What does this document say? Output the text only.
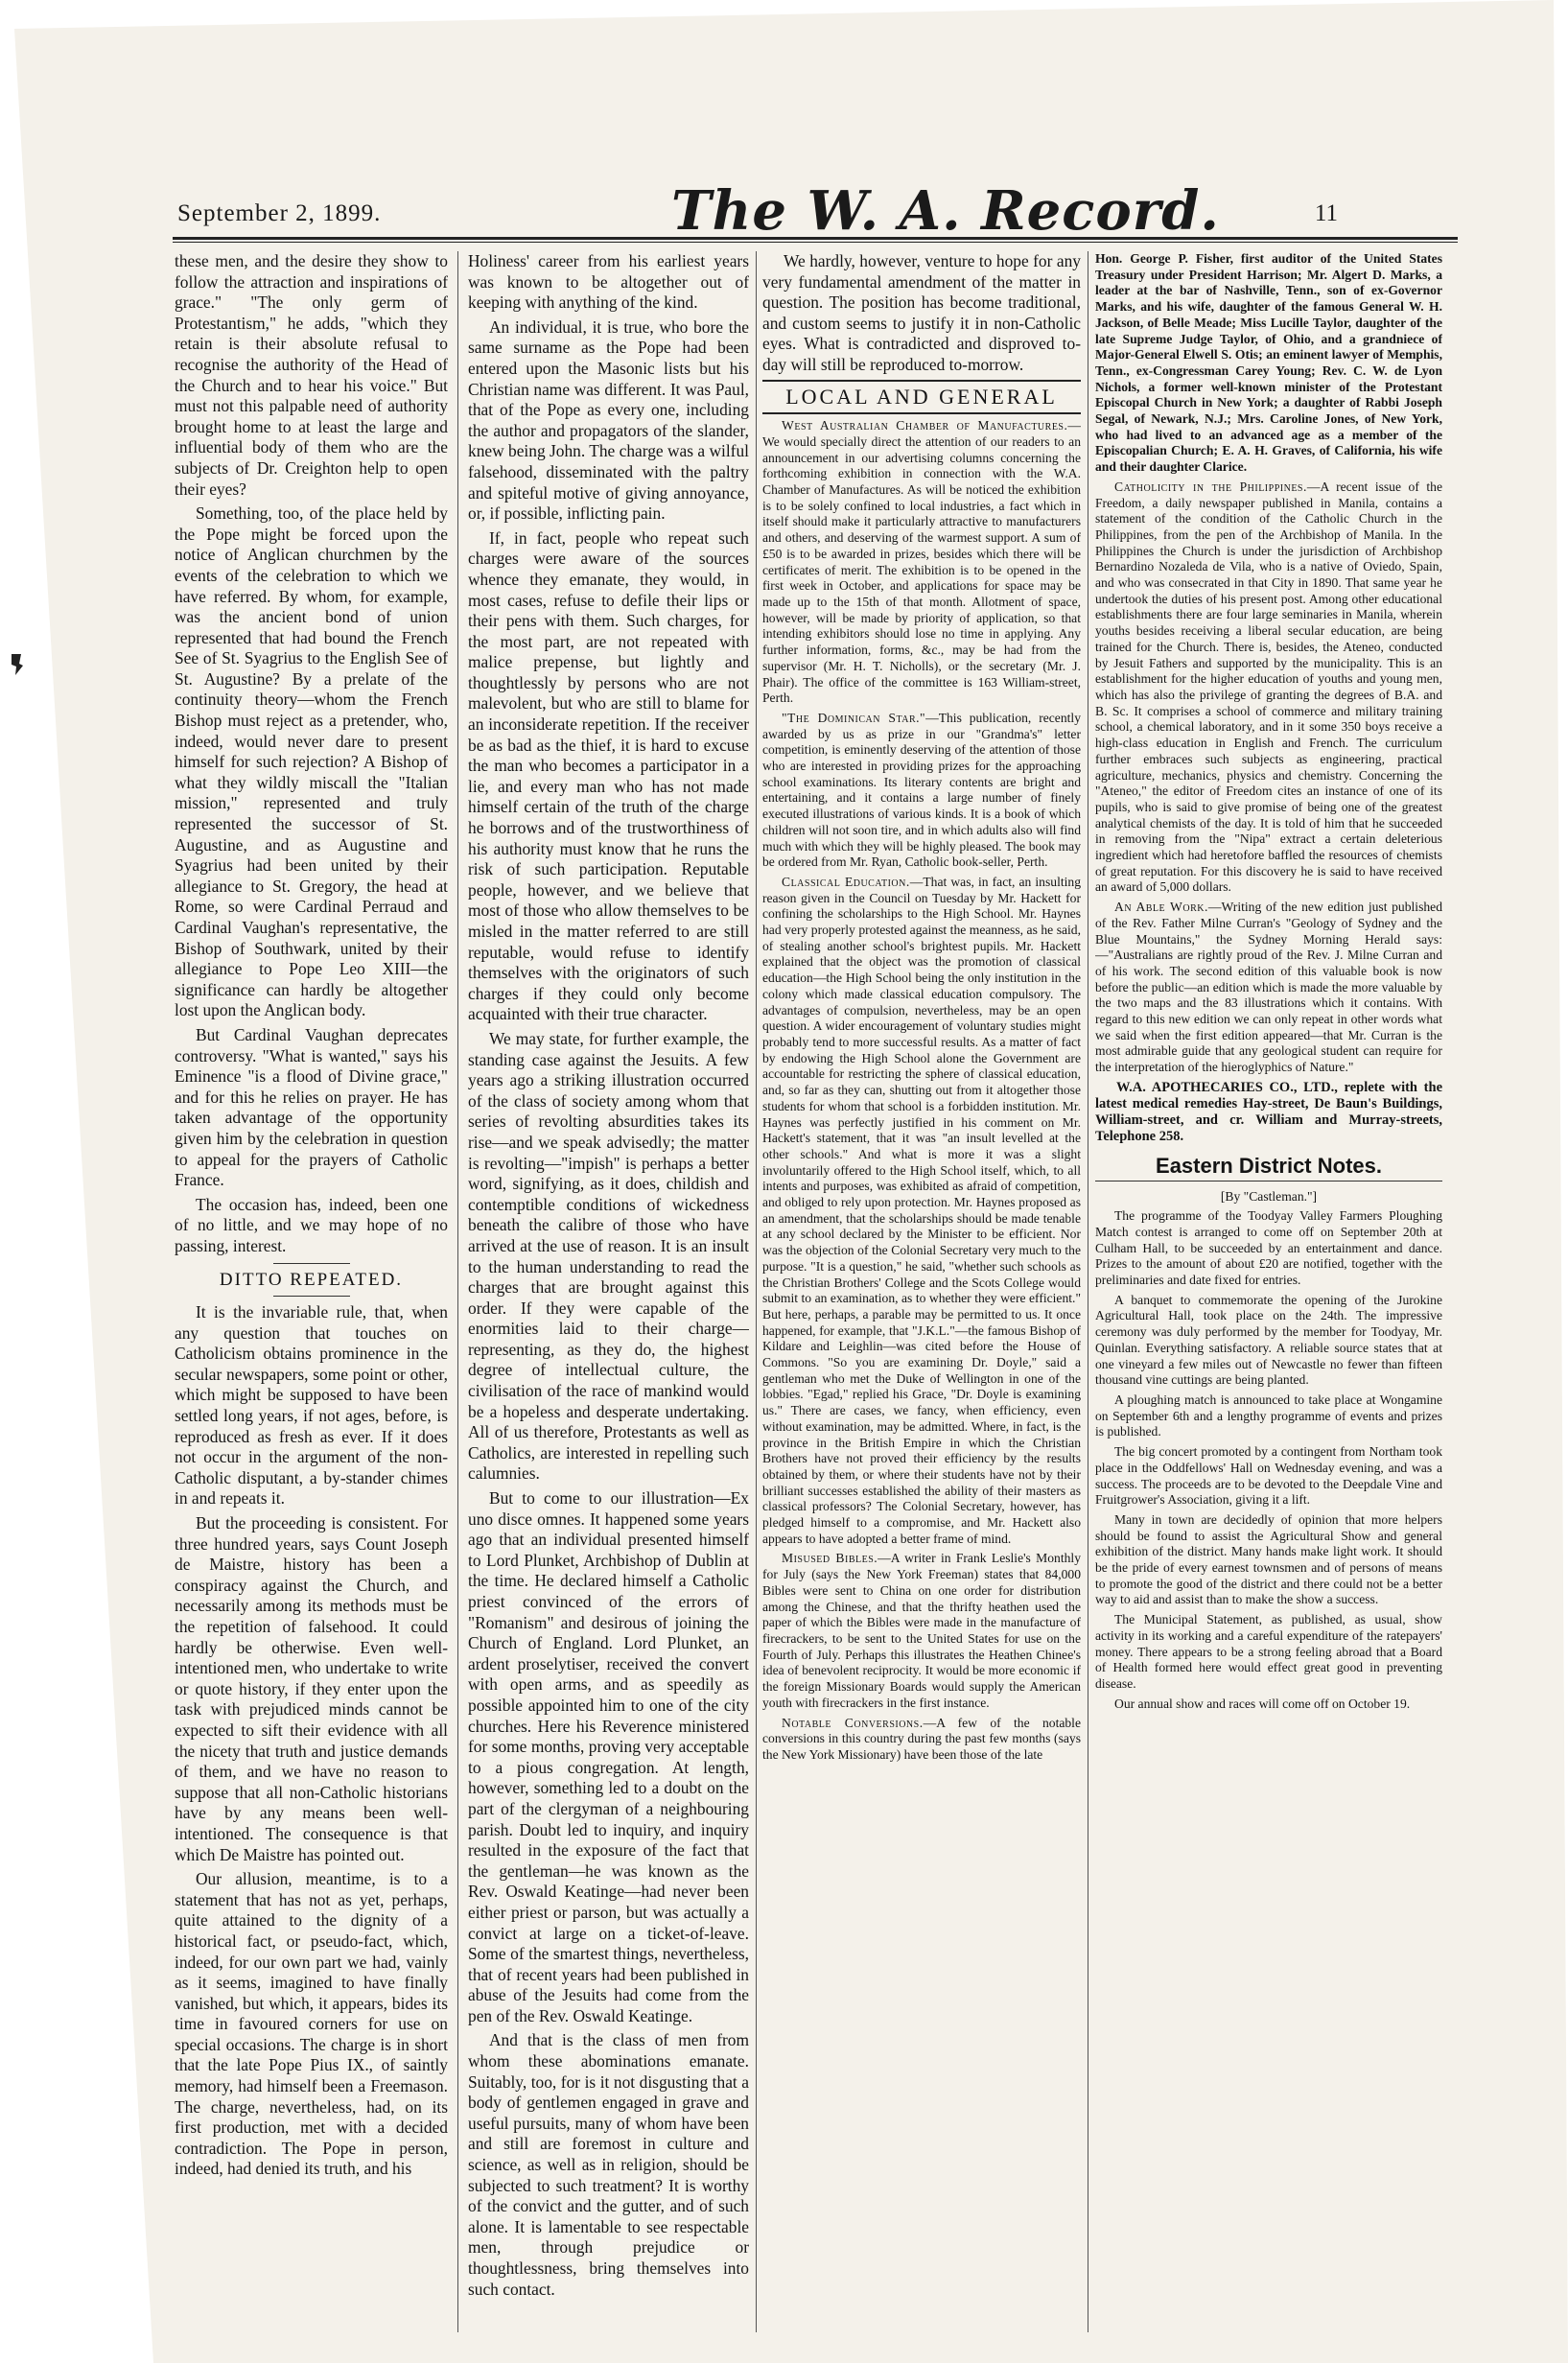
September 2, 1899.	The W. A. Record.	11

these men, and the desire they show to follow the attraction and inspirations of grace." "The only germ of Protestantism," he adds, "which they retain is their absolute refusal to recognise the authority of the Head of the Church and to hear his voice." But must not this palpable need of authority brought home to at least the large and influential body of them who are the subjects of Dr. Creighton help to open their eyes?

Something, too, of the place held by the Pope might be forced upon the notice of Anglican churchmen by the events of the celebration to which we have referred. By whom, for example, was the ancient bond of union represented that had bound the French See of St. Syagrius to the English See of St. Augustine? By a prelate of the continuity theory—whom the French Bishop must reject as a pretender, who, indeed, would never dare to present himself for such rejection? A Bishop of what they wildly miscall the "Italian mission," represented and truly represented the successor of St. Augustine, and as Augustine and Syagrius had been united by their allegiance to St. Gregory, the head at Rome, so were Cardinal Perraud and Cardinal Vaughan's representative, the Bishop of Southwark, united by their allegiance to Pope Leo XIII—the significance can hardly be altogether lost upon the Anglican body.

But Cardinal Vaughan deprecates controversy. "What is wanted," says his Eminence "is a flood of Divine grace," and for this he relies on prayer. He has taken advantage of the opportunity given him by the celebration in question to appeal for the prayers of Catholic France.

The occasion has, indeed, been one of no little, and we may hope of no passing, interest.

DITTO REPEATED.

It is the invariable rule, that, when any question that touches on Catholicism obtains prominence in the secular newspapers, some point or other, which might be supposed to have been settled long years, if not ages, before, is reproduced as fresh as ever. If it does not occur in the argument of the non-Catholic disputant, a by-stander chimes in and repeats it.

But the proceeding is consistent. For three hundred years, says Count Joseph de Maistre, history has been a conspiracy against the Church, and necessarily among its methods must be the repetition of falsehood. It could hardly be otherwise. Even well-intentioned men, who undertake to write or quote history, if they enter upon the task with prejudiced minds cannot be expected to sift their evidence with all the nicety that truth and justice demands of them, and we have no reason to suppose that all non-Catholic historians have by any means been well-intentioned. The consequence is that which De Maistre has pointed out.

Our allusion, meantime, is to a statement that has not as yet, perhaps, quite attained to the dignity of a historical fact, or pseudo-fact, which, indeed, for our own part we had, vainly as it seems, imagined to have finally vanished, but which, it appears, bides its time in favoured corners for use on special occasions. The charge is in short that the late Pope Pius IX., of saintly memory, had himself been a Freemason. The charge, nevertheless, had, on its first production, met with a decided contradiction. The Pope in person, indeed, had denied its truth, and his

Holiness' career from his earliest years was known to be altogether out of keeping with anything of the kind.

An individual, it is true, who bore the same surname as the Pope had been entered upon the Masonic lists but his Christian name was different. It was Paul, that of the Pope as every one, including the author and propagators of the slander, knew being John. The charge was a wilful falsehood, disseminated with the paltry and spiteful motive of giving annoyance, or, if possible, inflicting pain.

If, in fact, people who repeat such charges were aware of the sources whence they emanate, they would, in most cases, refuse to defile their lips or their pens with them. Such charges, for the most part, are not repeated with malice prepense, but lightly and thoughtlessly by persons who are not malevolent, but who are still to blame for an inconsiderate repetition. If the receiver be as bad as the thief, it is hard to excuse the man who becomes a participator in a lie, and every man who has not made himself certain of the truth of the charge he borrows and of the trustworthiness of his authority must know that he runs the risk of such participation. Reputable people, however, and we believe that most of those who allow themselves to be misled in the matter referred to are still reputable, would refuse to identify themselves with the originators of such charges if they could only become acquainted with their true character.

We may state, for further example, the standing case against the Jesuits. A few years ago a striking illustration occurred of the class of society among whom that series of revolting absurdities takes its rise—and we speak advisedly; the matter is revolting—"impish" is perhaps a better word, signifying, as it does, childish and contemptible conditions of wickedness beneath the calibre of those who have arrived at the use of reason. It is an insult to the human understanding to read the charges that are brought against this order. If they were capable of the enormities laid to their charge—representing, as they do, the highest degree of intellectual culture, the civilisation of the race of mankind would be a hopeless and desperate undertaking. All of us therefore, Protestants as well as Catholics, are interested in repelling such calumnies.

But to come to our illustration—Ex uno disce omnes. It happened some years ago that an individual presented himself to Lord Plunket, Archbishop of Dublin at the time. He declared himself a Catholic priest convinced of the errors of "Romanism" and desirous of joining the Church of England. Lord Plunket, an ardent proselytiser, received the convert with open arms, and as speedily as possible appointed him to one of the city churches. Here his Reverence ministered for some months, proving very acceptable to a pious congregation. At length, however, something led to a doubt on the part of the clergyman of a neighbouring parish. Doubt led to inquiry, and inquiry resulted in the exposure of the fact that the gentleman—he was known as the Rev. Oswald Keatinge—had never been either priest or parson, but was actually a convict at large on a ticket-of-leave. Some of the smartest things, nevertheless, that of recent years had been published in abuse of the Jesuits had come from the pen of the Rev. Oswald Keatinge.

And that is the class of men from whom these abominations emanate. Suitably, too, for is it not disgusting that a body of gentlemen engaged in grave and useful pursuits, many of whom have been and still are foremost in culture and science, as well as in religion, should be subjected to such treatment? It is worthy of the convict and the gutter, and of such alone. It is lamentable to see respectable men, through prejudice or thoughtlessness, bring themselves into such contact.

We hardly, however, venture to hope for any very fundamental amendment of the matter in question. The position has become traditional, and custom seems to justify it in non-Catholic eyes. What is contradicted and disproved to-day will still be reproduced to-morrow.

LOCAL AND GENERAL

West Australian Chamber of Manufactures.—We would specially direct the attention of our readers to an announcement in our advertising columns concerning the forthcoming exhibition in connection with the W.A. Chamber of Manufactures. As will be noticed the exhibition is to be solely confined to local industries, a fact which in itself should make it particularly attractive to manufacturers and others, and deserving of the warmest support. A sum of £50 is to be awarded in prizes, besides which there will be certificates of merit. The exhibition is to be opened in the first week in October, and applications for space may be made up to the 15th of that month. Allotment of space, however, will be made by priority of application, so that intending exhibitors should lose no time in applying. Any further information, forms, &c., may be had from the supervisor (Mr. H. T. Nicholls), or the secretary (Mr. J. Phair). The office of the committee is 163 William-street, Perth.

"The Dominican Star."—This publication, recently awarded by us as prize in our "Grandma's" letter competition, is eminently deserving of the attention of those who are interested in providing prizes for the approaching school examinations. Its literary contents are bright and entertaining, and it contains a large number of finely executed illustrations of various kinds. It is a book of which children will not soon tire, and in which adults also will find much with which they will be highly pleased. The book may be ordered from Mr. Ryan, Catholic book-seller, Perth.

Classical Education.—That was, in fact, an insulting reason given in the Council on Tuesday by Mr. Hackett for confining the scholarships to the High School. Mr. Haynes had very properly protested against the meanness, as he said, of stealing another school's brightest pupils. Mr. Hackett explained that the object was the promotion of classical education—the High School being the only institution in the colony which made classical education compulsory. The advantages of compulsion, nevertheless, may be an open question. A wider encouragement of voluntary studies might probably tend to more successful results. As a matter of fact by endowing the High School alone the Government are accountable for restricting the sphere of classical education, and, so far as they can, shutting out from it altogether those students for whom that school is a forbidden institution. Mr. Haynes was perfectly justified in his comment on Mr. Hackett's statement, that it was "an insult levelled at the other schools." And what is more it was a slight involuntarily offered to the High School itself, which, to all intents and purposes, was exhibited as afraid of competition, and obliged to rely upon protection. Mr. Haynes proposed as an amendment, that the scholarships should be made tenable at any school declared by the Minister to be efficient. Nor was the objection of the Colonial Secretary very much to the purpose. "It is a question," he said, "whether such schools as the Christian Brothers' College and the Scots College would submit to an examination, as to whether they were efficient." But here, perhaps, a parable may be permitted to us. It once happened, for example, that "J.K.L."—the famous Bishop of Kildare and Leighlin—was cited before the House of Commons. "So you are examining Dr. Doyle," said a gentleman who met the Duke of Wellington in one of the lobbies. "Egad," replied his Grace, "Dr. Doyle is examining us." There are cases, we fancy, when efficiency, even without examination, may be admitted. Where, in fact, is the province in the British Empire in which the Christian Brothers have not proved their efficiency by the results obtained by them, or where their students have not by their brilliant successes established the ability of their masters as classical professors? The Colonial Secretary, however, has pledged himself to a compromise, and Mr. Hackett also appears to have adopted a better frame of mind.

Misused Bibles.—A writer in Frank Leslie's Monthly for July (says the New York Freeman) states that 84,000 Bibles were sent to China on one order for distribution among the Chinese, and that the thrifty heathen used the paper of which the Bibles were made in the manufacture of firecrackers, to be sent to the United States for use on the Fourth of July. Perhaps this illustrates the Heathen Chinee's idea of benevolent reciprocity. It would be more economic if the foreign Missionary Boards would supply the American youth with firecrackers in the first instance.

Notable Conversions.—A few of the notable conversions in this country during the past few months (says the New York Missionary) have been those of the late

Hon. George P. Fisher, first auditor of the United States Treasury under President Harrison; Mr. Algert D. Marks, a leader at the bar of Nashville, Tenn., son of ex-Governor Marks, and his wife, daughter of the famous General W. H. Jackson, of Belle Meade; Miss Lucille Taylor, daughter of the late Supreme Judge Taylor, of Ohio, and a grandniece of Major-General Elwell S. Otis; an eminent lawyer of Memphis, Tenn., ex-Congressman Carey Young; Rev. C. W. de Lyon Nichols, a former well-known minister of the Protestant Episcopal Church in New York; a daughter of Rabbi Joseph Segal, of Newark, N.J.; Mrs. Caroline Jones, of New York, who had lived to an advanced age as a member of the Episcopalian Church; E. A. H. Graves, of California, his wife and their daughter Clarice.

Catholicity in the Philippines.—A recent issue of the Freedom, a daily newspaper published in Manila, contains a statement of the condition of the Catholic Church in the Philippines, from the pen of the Archbishop of Manila. In the Philippines the Church is under the jurisdiction of Archbishop Bernardino Nozaleda de Vila, who is a native of Oviedo, Spain, and who was consecrated in that City in 1890. That same year he undertook the duties of his present post. Among other educational establishments there are four large seminaries in Manila, wherein youths besides receiving a liberal secular education, are being trained for the Church. There is, besides, the Ateneo, conducted by Jesuit Fathers and supported by the municipality. This is an establishment for the higher education of youths and young men, which has also the privilege of granting the degrees of B.A. and B. Sc. It comprises a school of commerce and military training school, a chemical laboratory, and in it some 350 boys receive a high-class education in English and French. The curriculum further embraces such subjects as engineering, practical agriculture, mechanics, physics and chemistry. Concerning the "Ateneo," the editor of Freedom cites an instance of one of its pupils, who is said to give promise of being one of the greatest analytical chemists of the day. It is told of him that he succeeded in removing from the "Nipa" extract a certain deleterious ingredient which had heretofore baffled the resources of chemists of great reputation. For this discovery he is said to have received an award of 5,000 dollars.

An Able Work.—Writing of the new edition just published of the Rev. Father Milne Curran's "Geology of Sydney and the Blue Mountains," the Sydney Morning Herald says:—"Australians are rightly proud of the Rev. J. Milne Curran and of his work. The second edition of this valuable book is now before the public—an edition which is made the more valuable by the two maps and the 83 illustrations which it contains. With regard to this new edition we can only repeat in other words what we said when the first edition appeared—that Mr. Curran is the most admirable guide that any geological student can require for the interpretation of the hieroglyphics of Nature."

W.A. APOTHECARIES CO., LTD., replete with the latest medical remedies Hay-street, De Baun's Buildings, William-street, and cr. William and Murray-streets, Telephone 258.

Eastern District Notes.

[By "Castleman."]

The programme of the Toodyay Valley Farmers Ploughing Match contest is arranged to come off on September 20th at Culham Hall, to be succeeded by an entertainment and dance. Prizes to the amount of about £20 are notified, together with the preliminaries and date fixed for entries.

A banquet to commemorate the opening of the Jurokine Agricultural Hall, took place on the 24th. The impressive ceremony was duly performed by the member for Toodyay, Mr. Quinlan. Everything satisfactory. A reliable source states that at one vineyard a few miles out of Newcastle no fewer than fifteen thousand vine cuttings are being planted.

A ploughing match is announced to take place at Wongamine on September 6th and a lengthy programme of events and prizes is published.

The big concert promoted by a contingent from Northam took place in the Oddfellows' Hall on Wednesday evening, and was a success. The proceeds are to be devoted to the Deepdale Vine and Fruitgrower's Association, giving it a lift.

Many in town are decidedly of opinion that more helpers should be found to assist the Agricultural Show and general exhibition of the district. Many hands make light work. It should be the pride of every earnest townsmen and of persons of means to promote the good of the district and there could not be a better way to aid and assist than to make the show a success.

The Municipal Statement, as published, as usual, show activity in its working and a careful expenditure of the ratepayers' money. There appears to be a strong feeling abroad that a Board of Health formed here would effect great good in preventing disease.

Our annual show and races will come off on October 19.
